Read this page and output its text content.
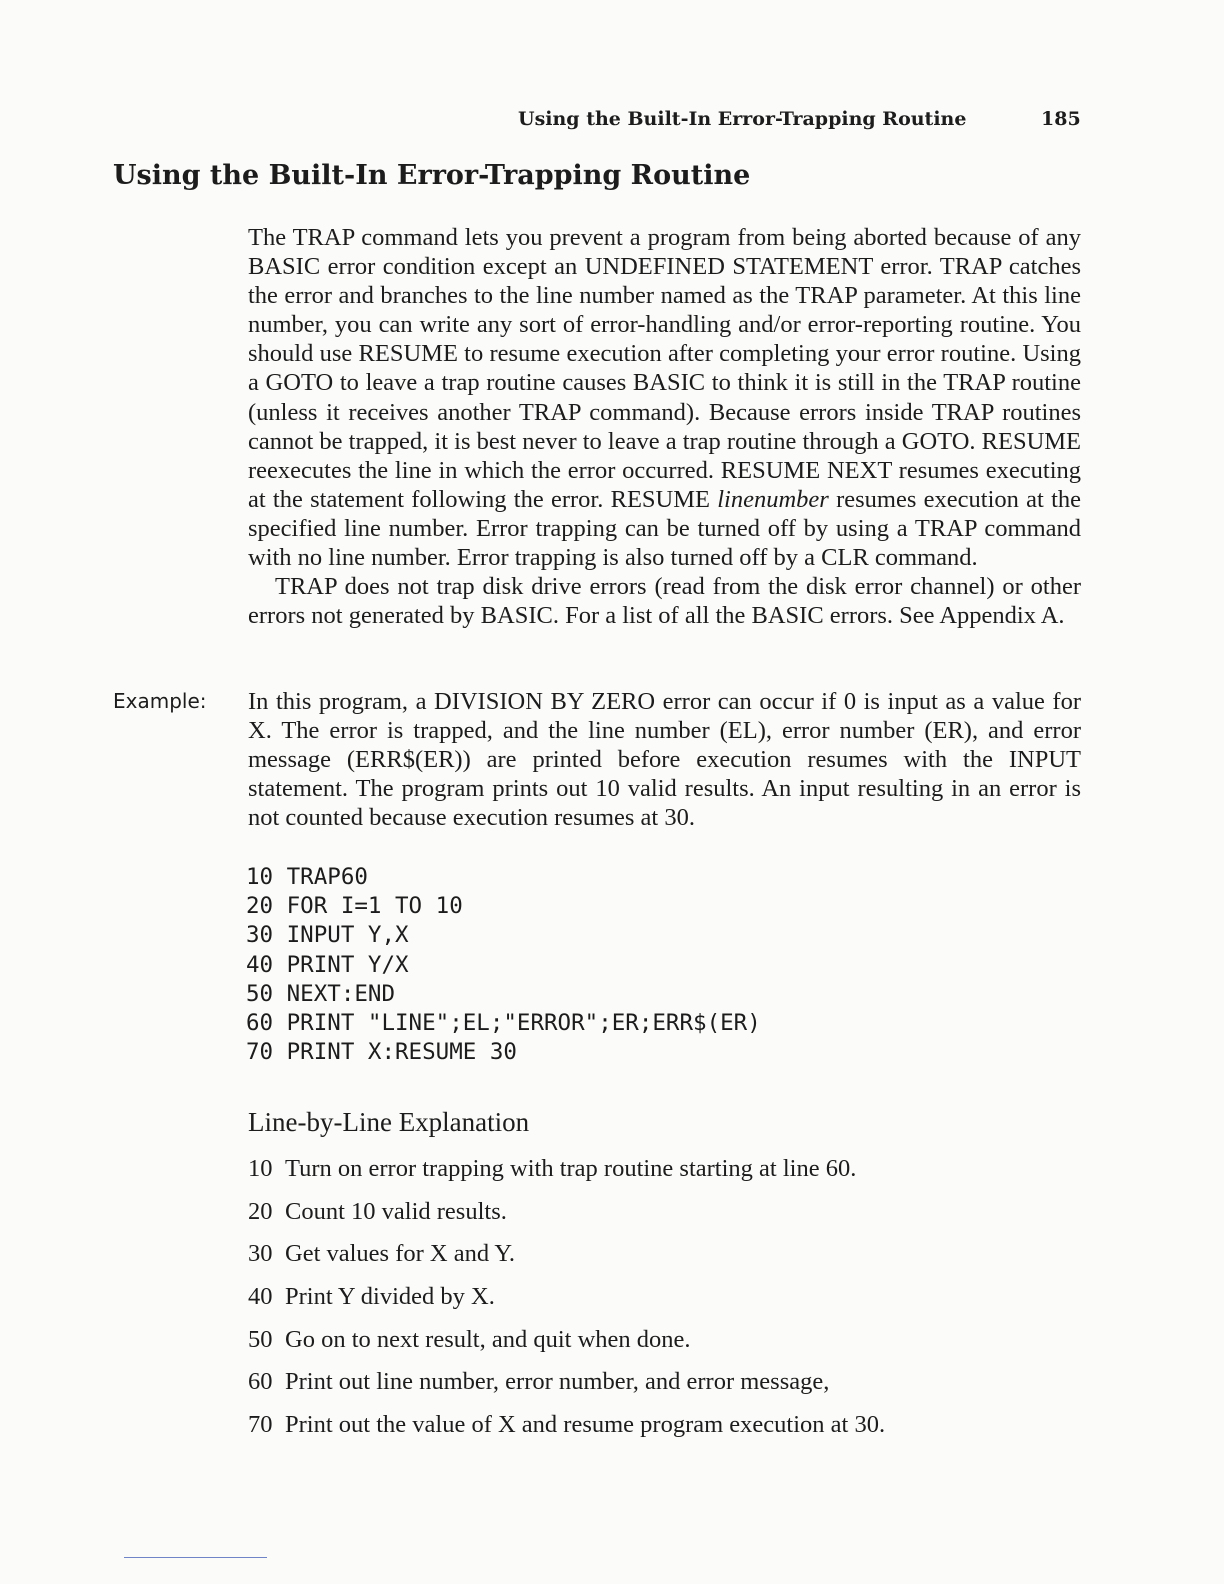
Using the Built-In Error-Trapping Routine	185
Using the Built-In Error-Trapping Routine

The TRAP command lets you prevent a program from being aborted because of any BASIC error condition except an UNDEFINED STATEMENT error. TRAP catches the error and branches to the line number named as the TRAP parameter. At this line number, you can write any sort of error-handling and/or error-reporting routine. You should use RESUME to resume execution after completing your error routine. Using a GOTO to leave a trap routine causes BASIC to think it is still in the TRAP routine (unless it receives another TRAP command). Because errors inside TRAP routines cannot be trapped, it is best never to leave a trap routine through a GOTO. RESUME reexecutes the line in which the error occurred. RESUME NEXT resumes executing at the statement following the error. RESUME linenumber resumes execution at the specified line number. Error trapping can be turned off by using a TRAP command with no line number. Error trapping is also turned off by a CLR command.

TRAP does not trap disk drive errors (read from the disk error channel) or other errors not generated by BASIC. For a list of all the BASIC errors. See Appendix A.

Example: In this program, a DIVISION BY ZERO error can occur if 0 is input as a value for X. The error is trapped, and the line number (EL), error number (ER), and error message (ERR$(ER)) are printed before execution resumes with the INPUT statement. The program prints out 10 valid results. An input resulting in an error is not counted because execution resumes at 30.
10 TRAP60
20 FOR I=1 TO 10
30 INPUT Y,X
40 PRINT Y/X
50 NEXT:END
60 PRINT "LINE";EL;"ERROR";ER;ERR$(ER)
70 PRINT X:RESUME 30
Line-by-Line Explanation
10 Turn on error trapping with trap routine starting at line 60.
20 Count 10 valid results.
30 Get values for X and Y.
40 Print Y divided by X.
50 Go on to next result, and quit when done.
60 Print out line number, error number, and error message,
70 Print out the value of X and resume program execution at 30.
